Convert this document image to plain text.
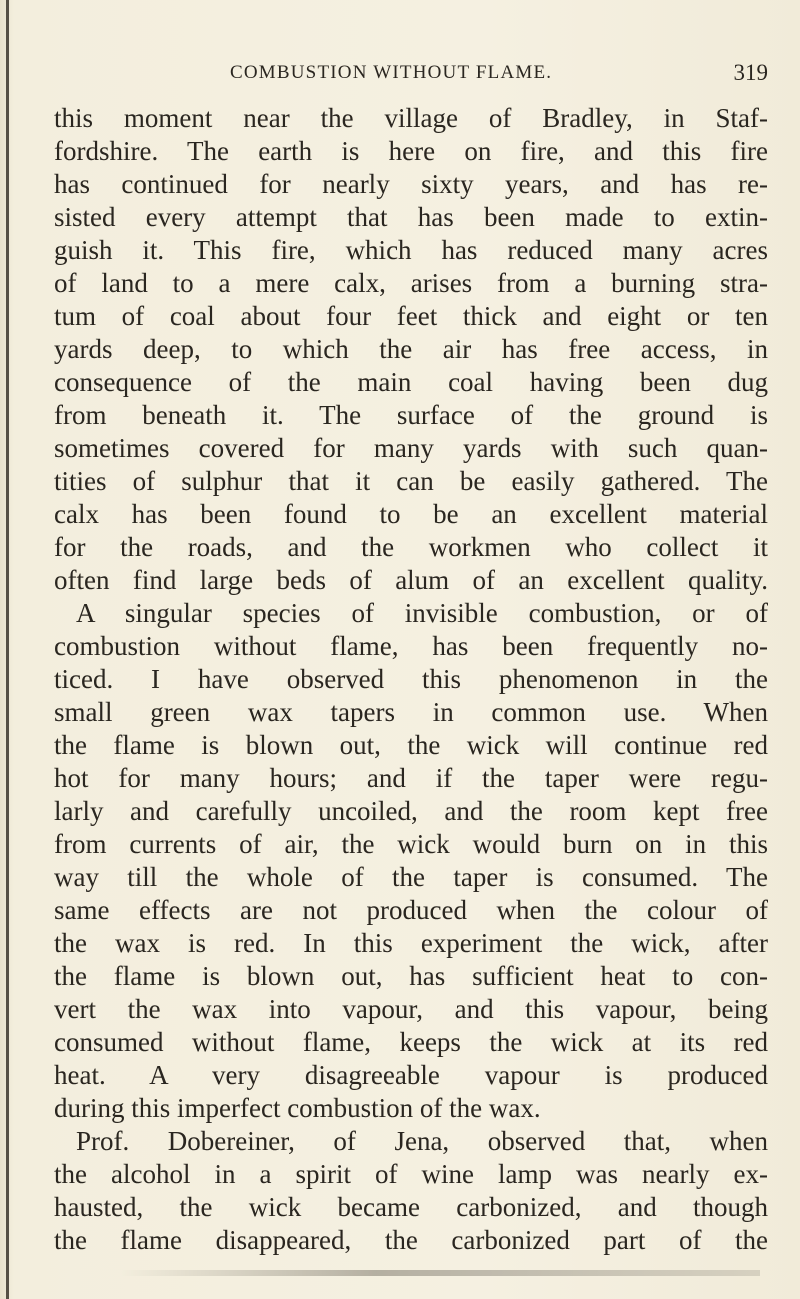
COMBUSTION WITHOUT FLAME.	319
this moment near the village of Bradley, in Staf-
fordshire. The earth is here on fire, and this fire
has continued for nearly sixty years, and has re-
sisted every attempt that has been made to extin-
guish it. This fire, which has reduced many acres
of land to a mere calx, arises from a burning stra-
tum of coal about four feet thick and eight or ten
yards deep, to which the air has free access, in
consequence of the main coal having been dug
from beneath it. The surface of the ground is
sometimes covered for many yards with such quan-
tities of sulphur that it can be easily gathered. The
calx has been found to be an excellent material
for the roads, and the workmen who collect it
often find large beds of alum of an excellent quality.
A singular species of invisible combustion, or of
combustion without flame, has been frequently no-
ticed. I have observed this phenomenon in the
small green wax tapers in common use. When
the flame is blown out, the wick will continue red
hot for many hours; and if the taper were regu-
larly and carefully uncoiled, and the room kept free
from currents of air, the wick would burn on in this
way till the whole of the taper is consumed. The
same effects are not produced when the colour of
the wax is red. In this experiment the wick, after
the flame is blown out, has sufficient heat to con-
vert the wax into vapour, and this vapour, being
consumed without flame, keeps the wick at its red
heat. A very disagreeable vapour is produced
during this imperfect combustion of the wax.
Prof. Dobereiner, of Jena, observed that, when
the alcohol in a spirit of wine lamp was nearly ex-
hausted, the wick became carbonized, and though
the flame disappeared, the carbonized part of the
